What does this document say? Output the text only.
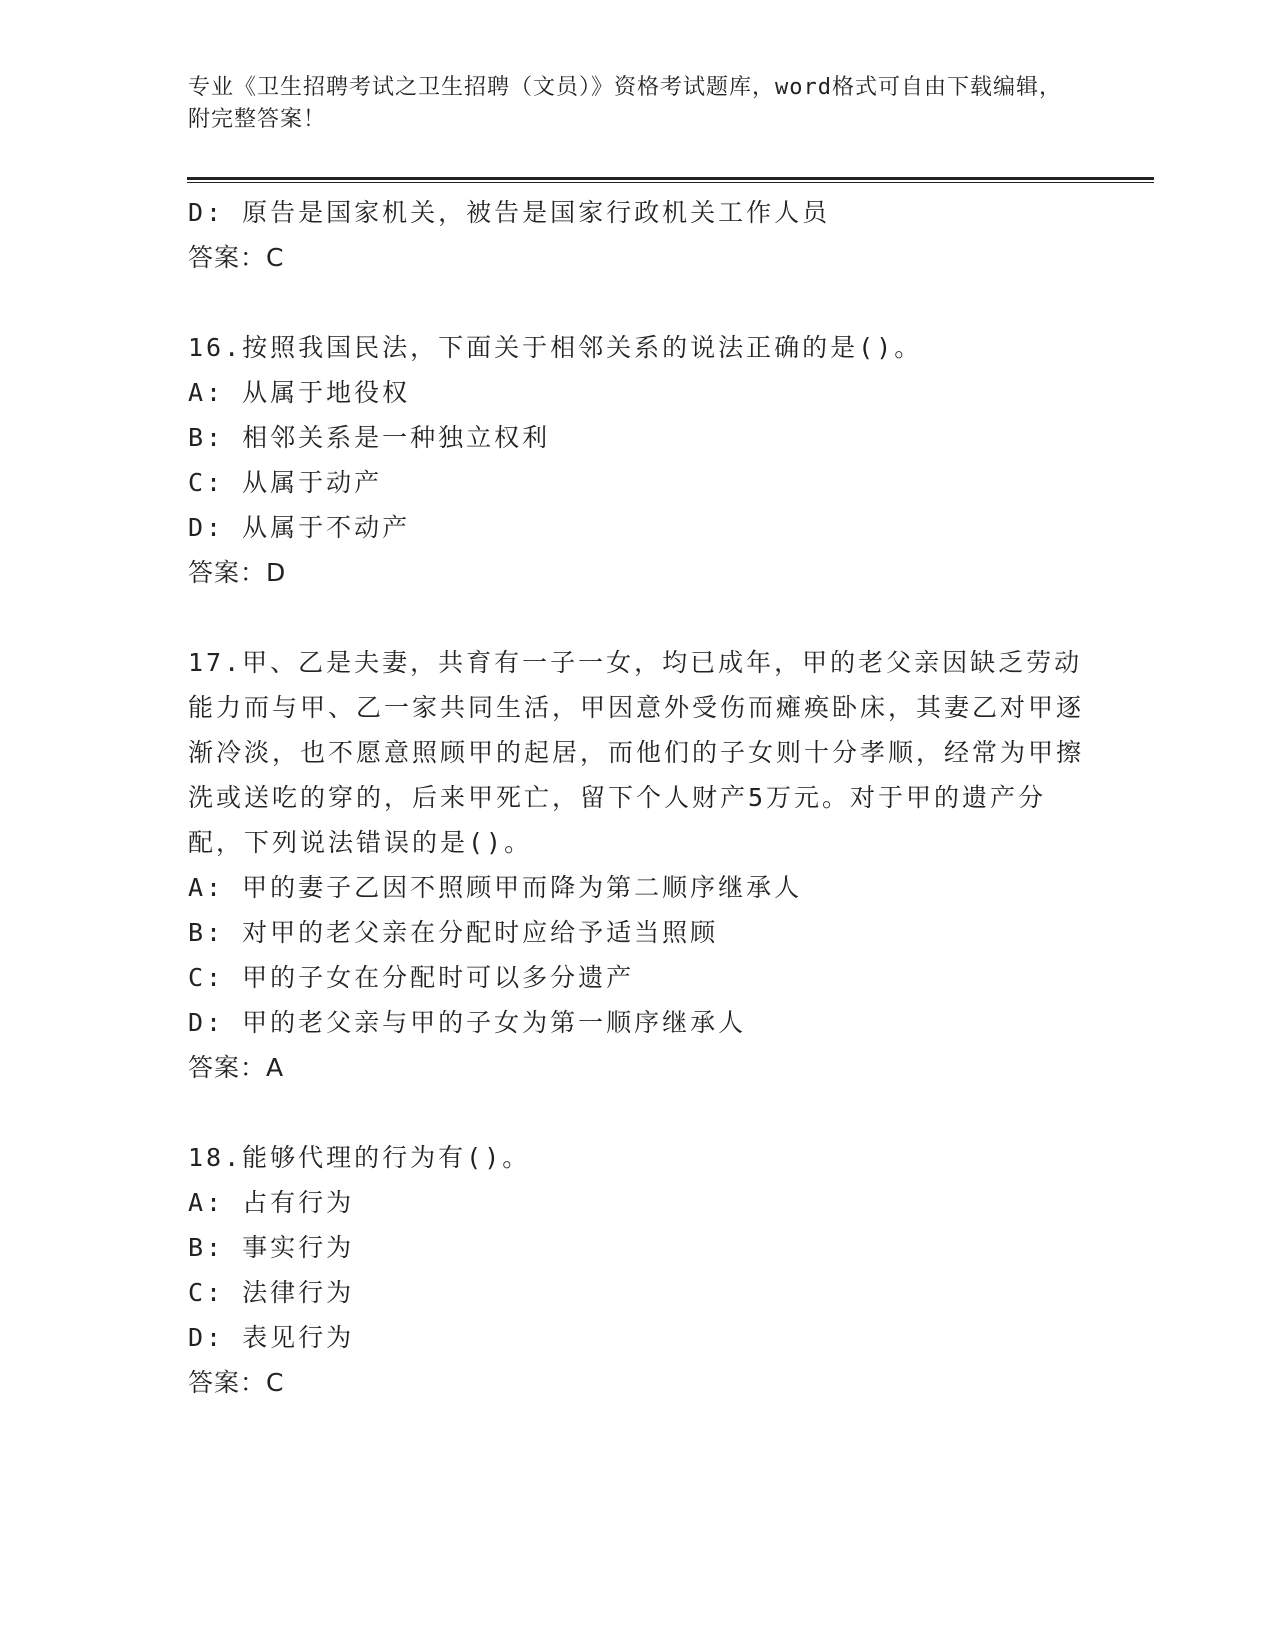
专业《卫生招聘考试之卫生招聘（文员）》资格考试题库，word格式可自由下载编辑，附完整答案！
D: 原告是国家机关，被告是国家行政机关工作人员
答案：C
16.按照我国民法，下面关于相邻关系的说法正确的是()。
A: 从属于地役权
B: 相邻关系是一种独立权利
C: 从属于动产
D: 从属于不动产
答案：D
17.甲、乙是夫妻，共育有一子一女，均已成年，甲的老父亲因缺乏劳动能力而与甲、乙一家共同生活，甲因意外受伤而瘫痪卧床，其妻乙对甲逐渐冷淡，也不愿意照顾甲的起居，而他们的子女则十分孝顺，经常为甲擦洗或送吃的穿的，后来甲死亡，留下个人财产5万元。对于甲的遗产分配，下列说法错误的是()。
A: 甲的妻子乙因不照顾甲而降为第二顺序继承人
B: 对甲的老父亲在分配时应给予适当照顾
C: 甲的子女在分配时可以多分遗产
D: 甲的老父亲与甲的子女为第一顺序继承人
答案：A
18.能够代理的行为有()。
A: 占有行为
B: 事实行为
C: 法律行为
D: 表见行为
答案：C
